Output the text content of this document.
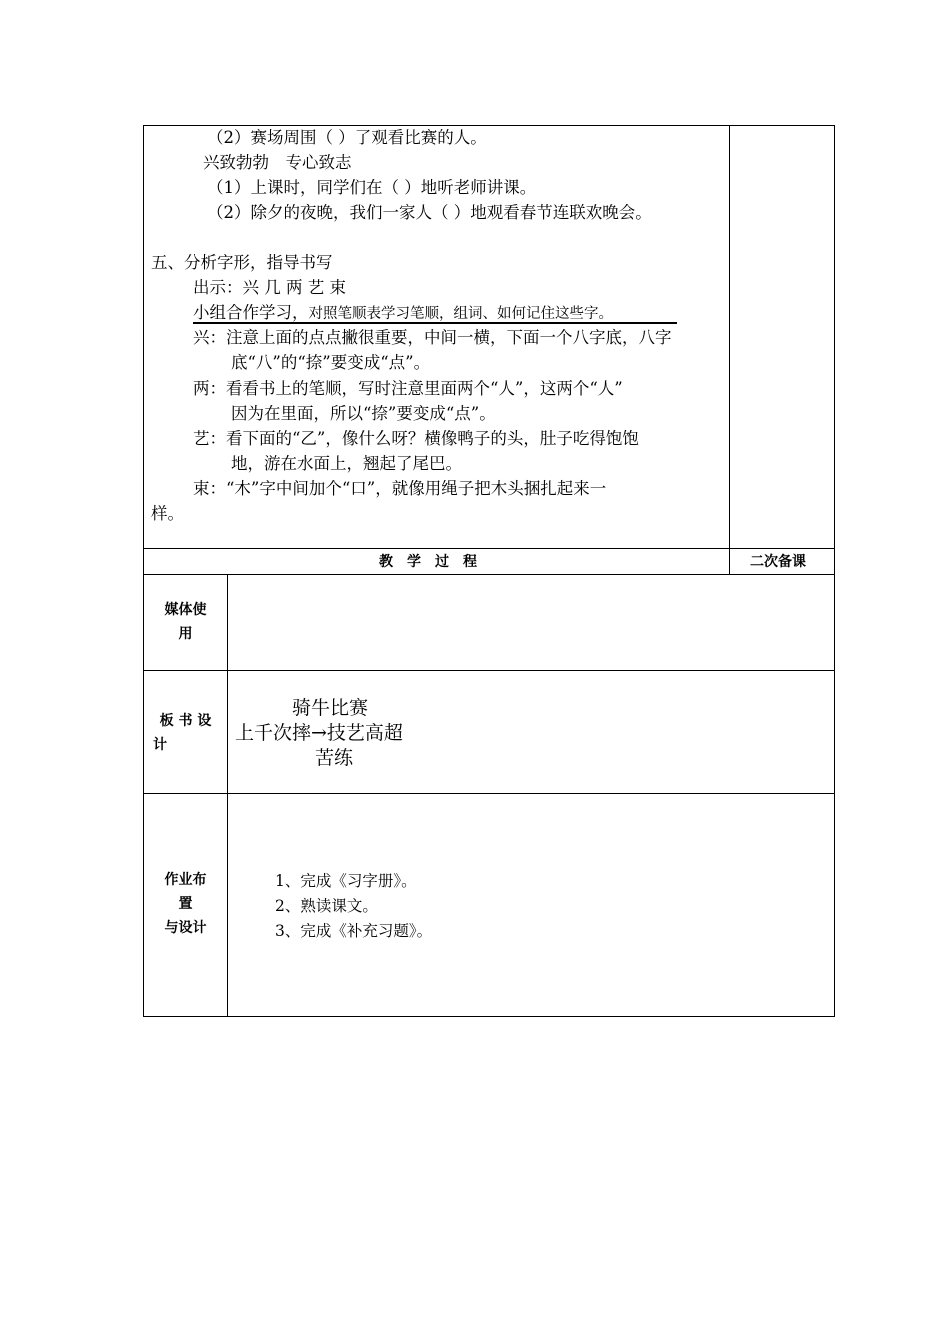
（2）赛场周围（ ）了观看比赛的人。
兴致勃勃　专心致志
（1）上课时，同学们在（ ）地听老师讲课。
（2）除夕的夜晚，我们一家人（ ）地观看春节连联欢晚会。
五、分析字形，指导书写
出示：兴 几 两 艺 束
小组合作学习，对照笔顺表学习笔顺，组词、如何记住这些字。
兴：注意上面的点点撇很重要，中间一横，下面一个八字底，八字
底“八”的“捺”要变成“点”。
两：看看书上的笔顺，写时注意里面两个“人”，这两个“人”
因为在里面，所以“捺”要变成“点”。
艺：看下面的“乙”，像什么呀？横像鸭子的头，肚子吃得饱饱
地，游在水面上，翘起了尾巴。
束：“木”字中间加个“口”，就像用绳子把木头捆扎起来一
样。
教　学　过　程	二次备课
媒体使
用
板 书 设
计
骑牛比赛
上千次摔→技艺高超
苦练
作业布
置
与设计
1、完成《习字册》。
2、熟读课文。
3、完成《补充习题》。
